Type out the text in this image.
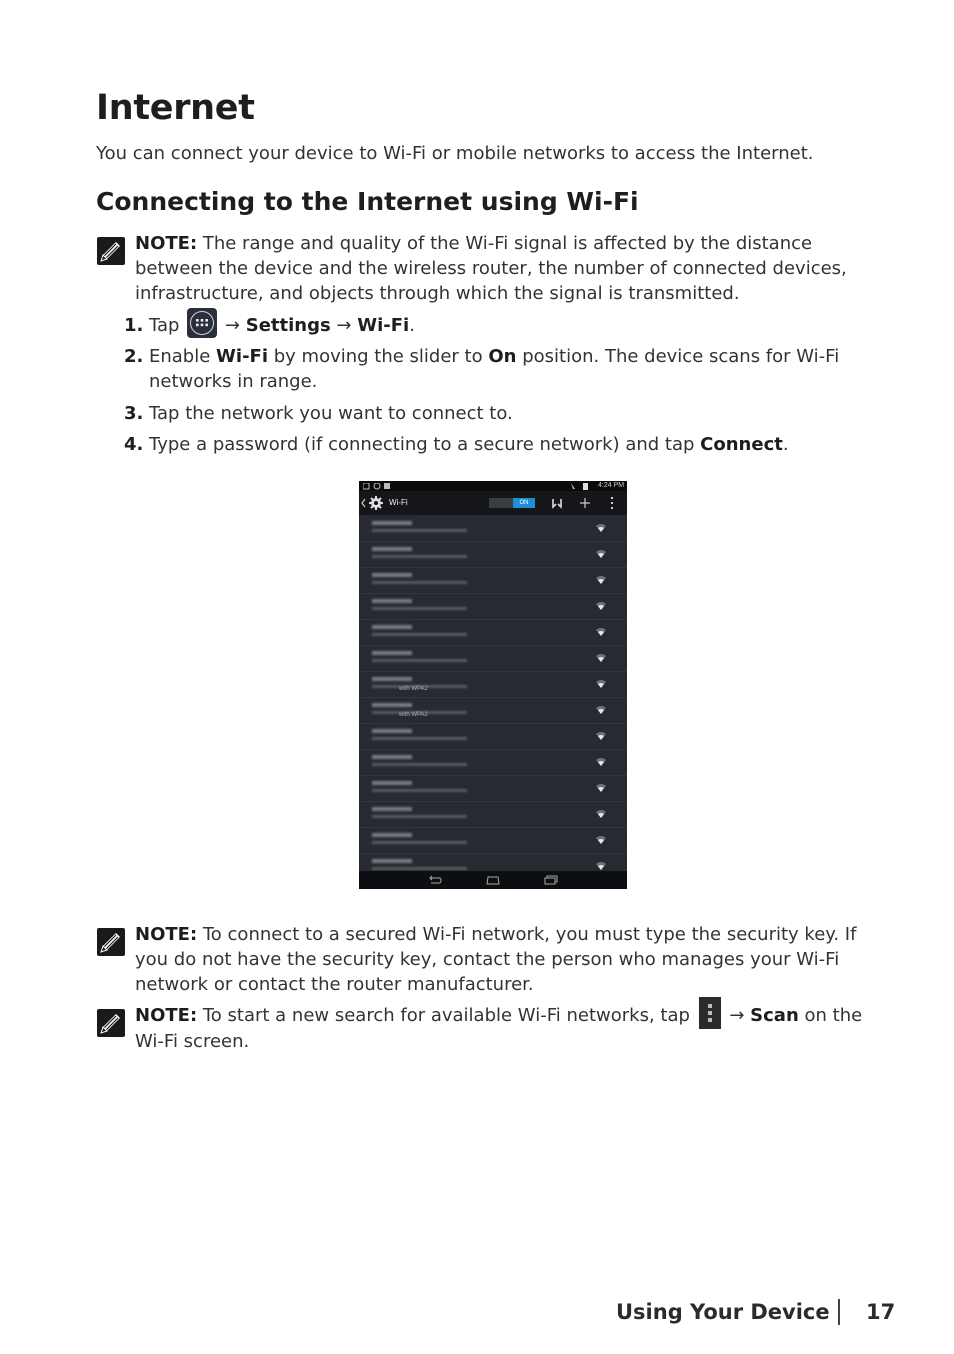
Internet
You can connect your device to Wi-Fi or mobile networks to access the Internet.
Connecting to the Internet using Wi-Fi
NOTE: The range and quality of the Wi-Fi signal is affected by the distance between the device and the wireless router, the number of connected devices, infrastructure, and objects through which the signal is transmitted.
1. Tap
→ Settings → Wi-Fi.
2. Enable Wi-Fi by moving the slider to On position. The device scans for Wi-Fi networks in range.
3. Tap the network you want to connect to.
4. Type a password (if connecting to a secure network) and tap Connect.
4:24 PM
Wi-Fi	ON
with WPA2
with WPA2
NOTE: To connect to a secured Wi-Fi network, you must type the security key. If you do not have the security key, contact the person who manages your Wi-Fi network or contact the router manufacturer.
NOTE: To start a new search for available Wi-Fi networks, tap
→ Scan on the Wi-Fi screen.
Using Your Device 17
